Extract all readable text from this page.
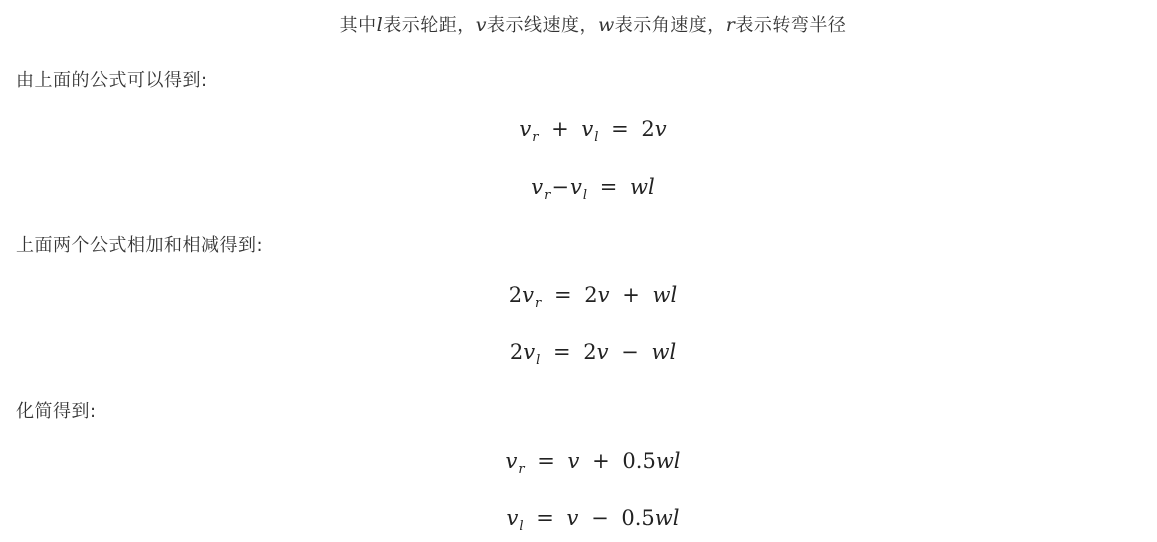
其中l表示轮距，v表示线速度，w表示角速度，r表示转弯半径
由上面的公式可以得到:
$v_r + v_l = 2v$
$v_r-v_l$ = wl
上面两个公式相加和相减得到:
$2v_r = 2v$ + wl
$2v_l = 2v$ − wl
化简得到:
$v_r = v + 0.5wl$
$v_l = v - 0.5wl$
